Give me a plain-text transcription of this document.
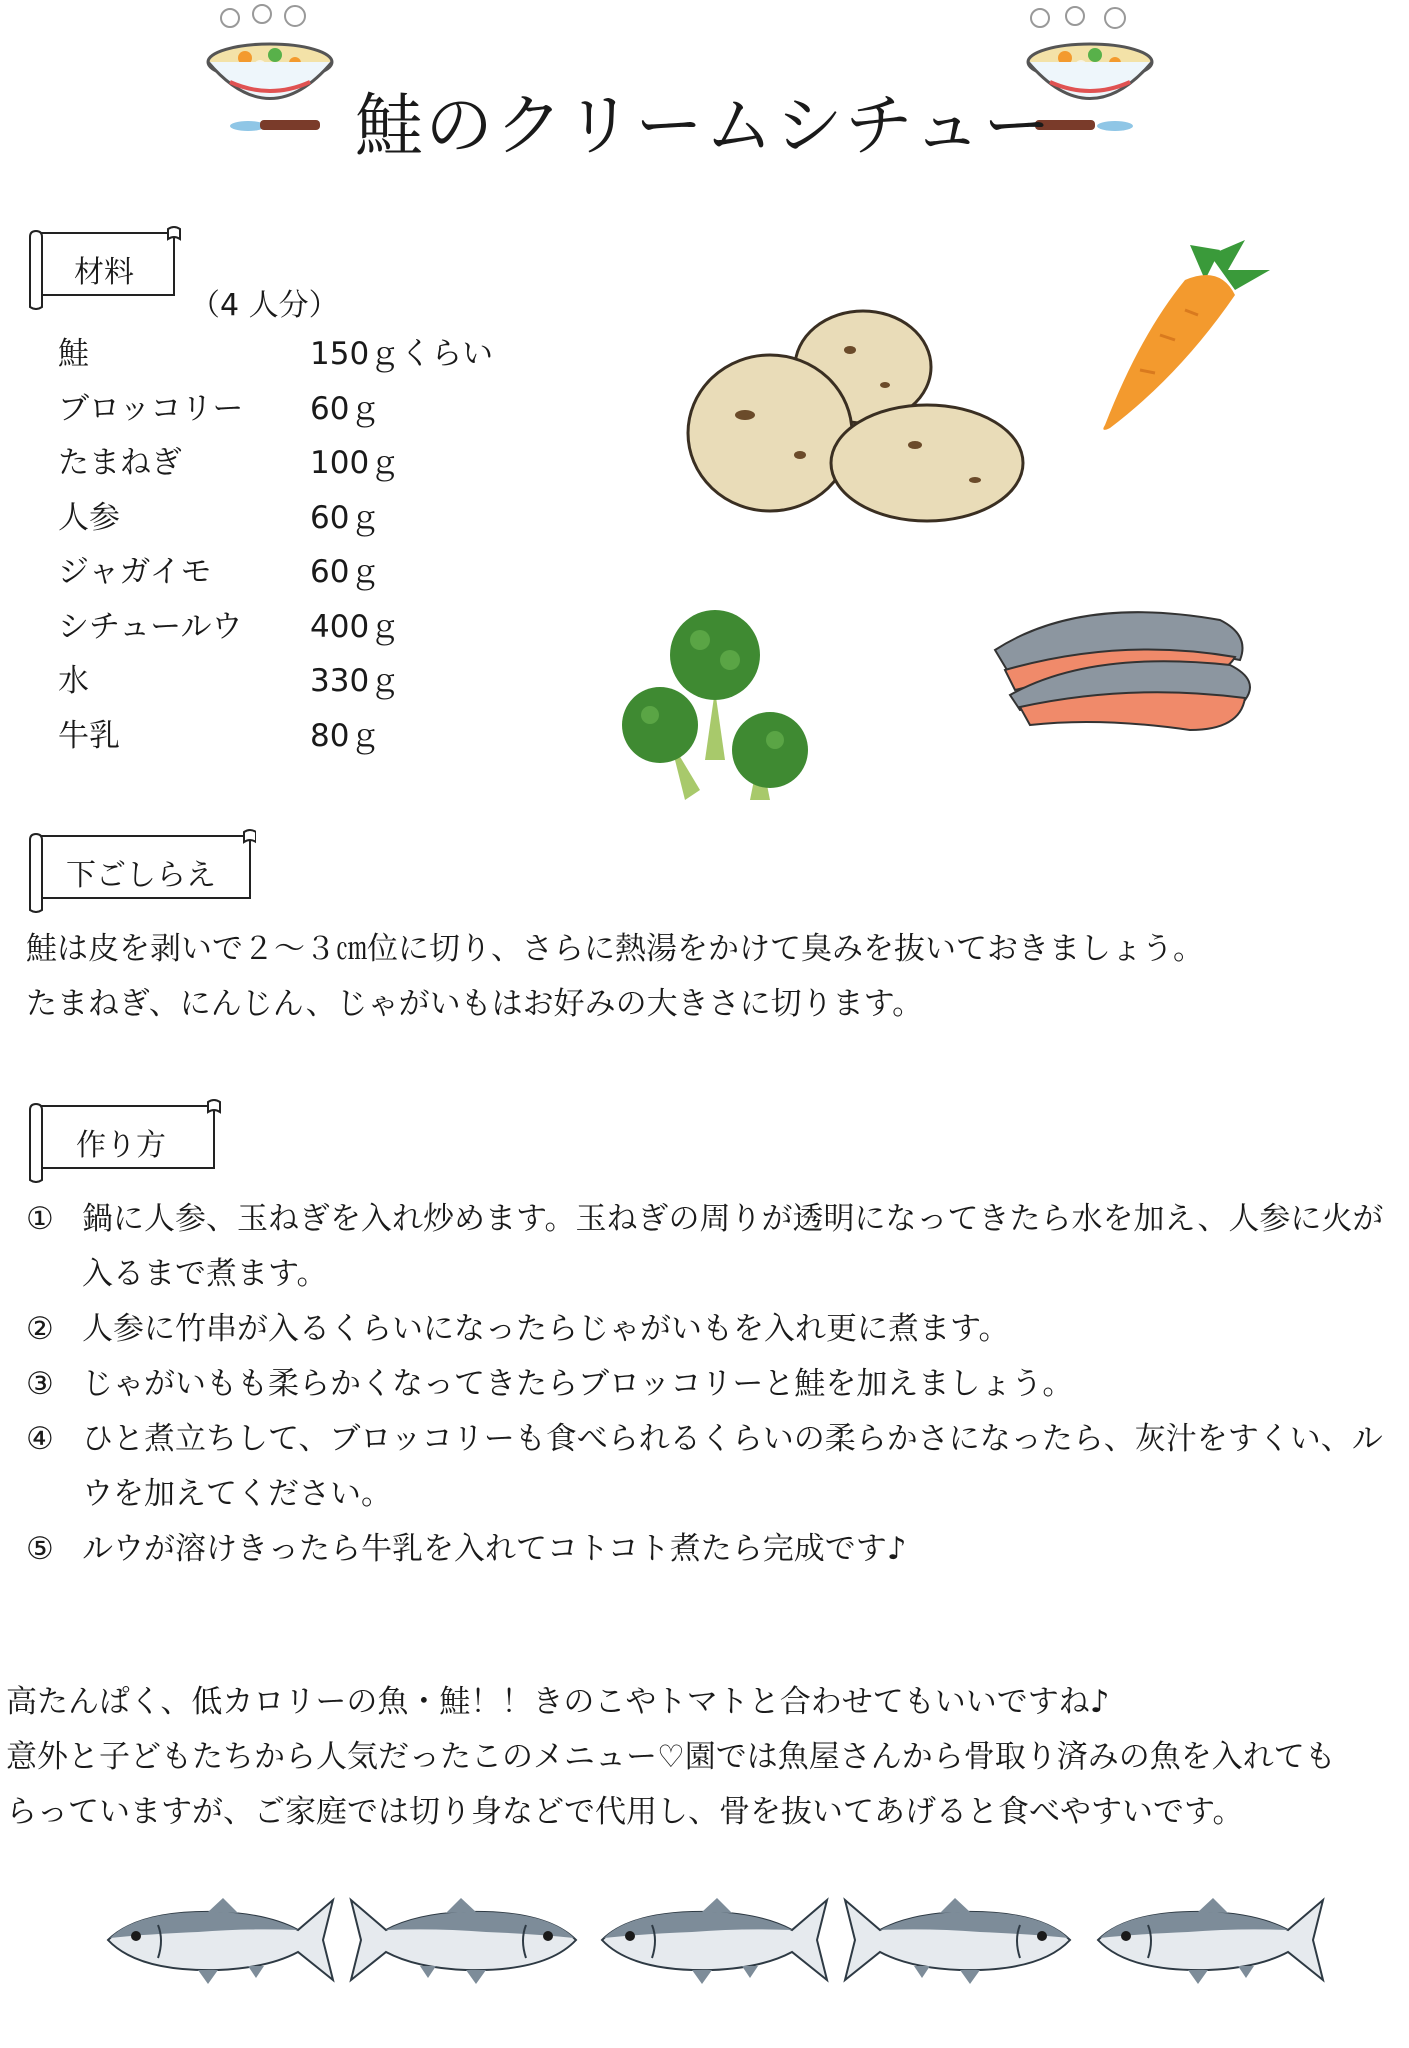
鮭のクリームシチュー
材料
（4 人分）
鮭	150ｇくらい
ブロッコリー 60ｇ
たまねぎ	100ｇ
人参	60ｇ
ジャガイモ	60ｇ
シチュールウ 400ｇ
水	330ｇ
牛乳	80ｇ
下ごしらえ
鮭は皮を剥いで２～３㎝位に切り、さらに熱湯をかけて臭みを抜いておきましょう。
たまねぎ、にんじん、じゃがいもはお好みの大きさに切ります。
作り方
① 鍋に人参、玉ねぎを入れ炒めます。玉ねぎの周りが透明になってきたら水を加え、人参に火が入るまで煮ます。
② 人参に竹串が入るくらいになったらじゃがいもを入れ更に煮ます。
③ じゃがいもも柔らかくなってきたらブロッコリーと鮭を加えましょう。
④ ひと煮立ちして、ブロッコリーも食べられるくらいの柔らかさになったら、灰汁をすくい、ルウを加えてください。
⑤ ルウが溶けきったら牛乳を入れてコトコト煮たら完成です♪
高たんぱく、低カロリーの魚・鮭！！きのこやトマトと合わせてもいいですね♪
意外と子どもたちから人気だったこのメニュー♡園では魚屋さんから骨取り済みの魚を入れても
らっていますが、ご家庭では切り身などで代用し、骨を抜いてあげると食べやすいです。
